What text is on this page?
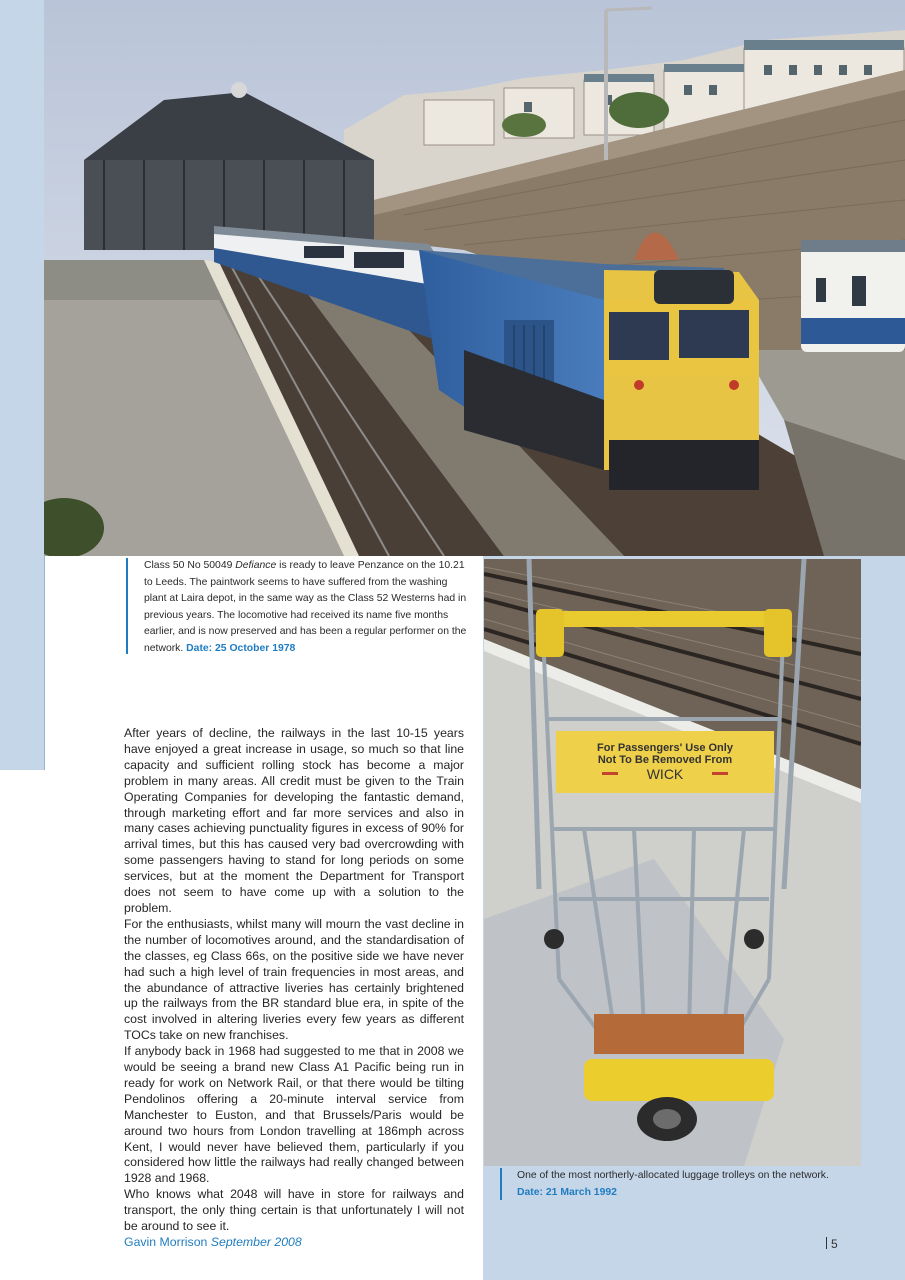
Class 50 No 50049 Defiance is ready to leave Penzance on the 10.21 to Leeds. The paintwork seems to have suffered from the washing plant at Laira depot, in the same way as the Class 52 Westerns had in previous years. The locomotive had received its name five months earlier, and is now preserved and has been a regular performer on the network. Date: 25 October 1978
For Passengers' Use Only
Not To Be Removed From
WICK
One of the most northerly-allocated luggage trolleys on the network.
Date: 21 March 1992

After years of decline, the railways in the last 10-15 years have enjoyed a great increase in usage, so much so that line capacity and sufficient rolling stock has become a major problem in many areas. All credit must be given to the Train Operating Companies for developing the fantastic demand, through marketing effort and far more services and also in many cases achieving punctuality figures in excess of 90% for arrival times, but this has caused very bad overcrowding with some passengers having to stand for long periods on some services, but at the moment the Department for Transport does not seem to have come up with a solution to the problem.

For the enthusiasts, whilst many will mourn the vast decline in the number of locomotives around, and the standardisation of the classes, eg Class 66s, on the positive side we have never had such a high level of train frequencies in most areas, and the abundance of attractive liveries has certainly brightened up the railways from the BR standard blue era, in spite of the cost involved in altering liveries every few years as different TOCs take on new franchises.

If anybody back in 1968 had suggested to me that in 2008 we would be seeing a brand new Class A1 Pacific being run in ready for work on Network Rail, or that there would be tilting Pendolinos offering a 20-minute interval service from Manchester to Euston, and that Brussels/Paris would be around two hours from London travelling at 186mph across Kent, I would never have believed them, particularly if you considered how little the railways had really changed between 1928 and 1968.

Who knows what 2048 will have in store for railways and transport, the only thing certain is that unfortunately I will not be around to see it.

Gavin Morrison September 2008	5
